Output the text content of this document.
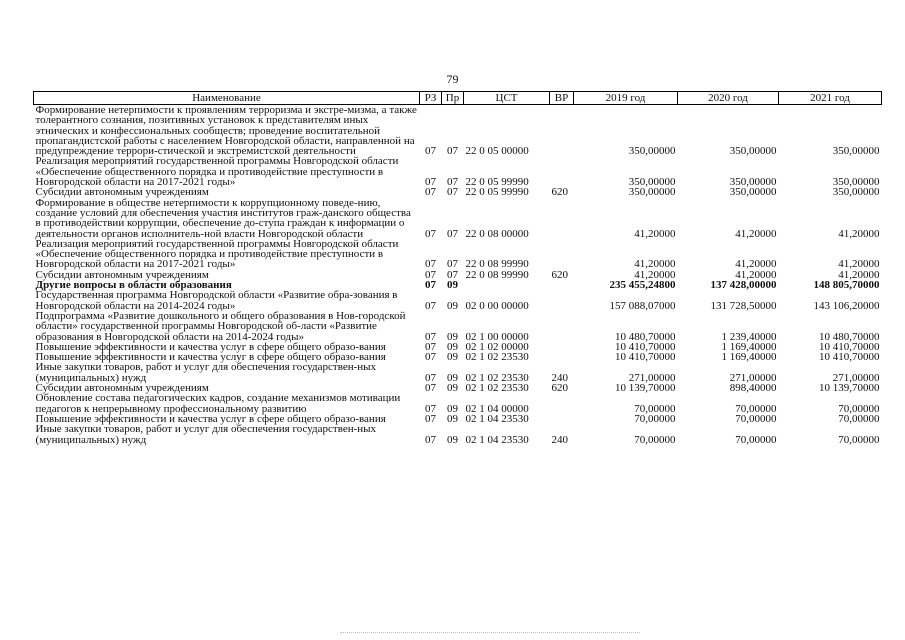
79
Наименование	РЗ	Пр	ЦСТ	ВР	2019 год	2020 год	2021 год
Формирование нетерпимости к проявлениям терроризма и экстре-мизма, а также толерантного сознания, позитивных установок к представителям иных этнических и конфессиональных сообществ; проведение воспитательной пропагандистской работы с населением Новгородской области, направленной на предупреждение террори-стической и экстремистской деятельности	07	07	22 0 05 00000		350,00000	350,00000	350,00000
Реализация мероприятий государственной программы Новгородской области «Обеспечение общественного порядка и противодействие преступности в Новгородской области на 2017-2021 годы»	07	07	22 0 05 99990		350,00000	350,00000	350,00000
Субсидии автономным учреждениям	07	07	22 0 05 99990	620	350,00000	350,00000	350,00000
Формирование в обществе нетерпимости к коррупционному поведе-нию, создание условий для обеспечения участия институтов граж-данского общества в противодействии коррупции, обеспечение до-ступа граждан к информации о деятельности органов исполнитель-ной власти Новгородской области	07	07	22 0 08 00000		41,20000	41,20000	41,20000
Реализация мероприятий государственной программы Новгородской области «Обеспечение общественного порядка и противодействие преступности в Новгородской области на 2017-2021 годы»	07	07	22 0 08 99990		41,20000	41,20000	41,20000
Субсидии автономным учреждениям	07	07	22 0 08 99990	620	41,20000	41,20000	41,20000
Другие вопросы в области образования	07	09			235 455,24800	137 428,00000	148 805,70000
Государственная программа Новгородской области «Развитие обра-зования в Новгородской области на 2014-2024 годы»	07	09	02 0 00 00000		157 088,07000	131 728,50000	143 106,20000
Подпрограмма «Развитие дошкольного и общего образования в Нов-городской области» государственной программы Новгородской об-ласти «Развитие образования в Новгородской области на 2014-2024 годы»	07	09	02 1 00 00000		10 480,70000	1 239,40000	10 480,70000
Повышение эффективности и качества услуг в сфере общего образо-вания	07	09	02 1 02 00000		10 410,70000	1 169,40000	10 410,70000
Повышение эффективности и качества услуг в сфере общего образо-вания	07	09	02 1 02 23530		10 410,70000	1 169,40000	10 410,70000
Иные закупки товаров, работ и услуг для обеспечения государствен-ных (муниципальных) нужд	07	09	02 1 02 23530	240	271,00000	271,00000	271,00000
Субсидии автономным учреждениям	07	09	02 1 02 23530	620	10 139,70000	898,40000	10 139,70000
Обновление состава педагогических кадров, создание механизмов мотивации педагогов к непрерывному профессиональному развитию	07	09	02 1 04 00000		70,00000	70,00000	70,00000
Повышение эффективности и качества услуг в сфере общего образо-вания	07	09	02 1 04 23530		70,00000	70,00000	70,00000
Иные закупки товаров, работ и услуг для обеспечения государствен-ных (муниципальных) нужд	07	09	02 1 04 23530	240	70,00000	70,00000	70,00000
